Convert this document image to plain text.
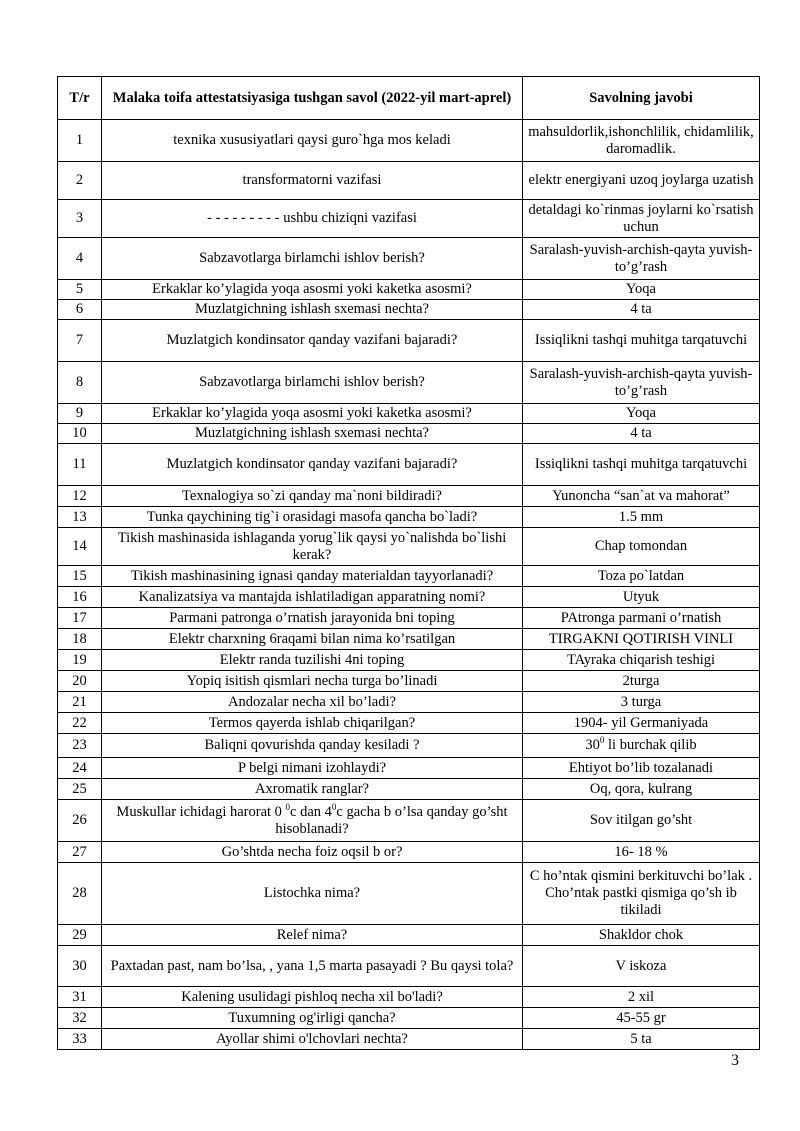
T/r	Malaka toifa attestatsiyasiga tushgan savol (2022-yil mart-aprel)	Savolning javobi
1	texnika xususiyatlari qaysi guro`hga mos keladi	mahsuldorlik,ishonchlilik, chidamlilik, daromadlik.
2	transformatorni vazifasi	elektr energiyani uzoq joylarga uzatish
3	- - - - - - - - - ushbu chiziqni vazifasi	detaldagi ko`rinmas joylarni ko`rsatish uchun
4	Sabzavotlarga birlamchi ishlov berish?	Saralash-yuvish-archish-qayta yuvish-to’g’rash
5	Erkaklar ko’ylagida yoqa asosmi yoki kaketka asosmi?	Yoqa
6	Muzlatgichning ishlash sxemasi nechta?	4 ta
7	Muzlatgich kondinsator qanday vazifani bajaradi?	Issiqlikni tashqi muhitga tarqatuvchi
8	Sabzavotlarga birlamchi ishlov berish?	Saralash-yuvish-archish-qayta yuvish-to’g’rash
9	Erkaklar ko’ylagida yoqa asosmi yoki kaketka asosmi?	Yoqa
10	Muzlatgichning ishlash sxemasi nechta?	4 ta
11	Muzlatgich kondinsator qanday vazifani bajaradi?	Issiqlikni tashqi muhitga tarqatuvchi
12	Texnalogiya so`zi qanday ma`noni bildiradi?	Yunoncha “san`at va mahorat”
13	Tunka qaychining tig`i orasidagi masofa qancha bo`ladi?	1.5 mm
14	Tikish mashinasida ishlaganda yorug`lik qaysi yo`nalishda bo`lishi kerak?	Chap tomondan
15	Tikish mashinasining ignasi qanday materialdan tayyorlanadi?	Toza po`latdan
16	Kanalizatsiya va mantajda ishlatiladigan apparatning nomi?	Utyuk
17	Parmani patronga o’rnatish jarayonida bni toping	PAtronga parmani o’rnatish
18	Elektr charxning 6raqami bilan nima ko’rsatilgan	TIRGAKNI QOTIRISH VINLI
19	Elektr randa tuzilishi 4ni toping	TAyraka chiqarish teshigi
20	Yopiq isitish qismlari necha turga bo’linadi	2turga
21	Andozalar necha xil bo’ladi?	3 turga
22	Termos qayerda ishlab chiqarilgan?	1904- yil Germaniyada
23	Baliqni qovurishda qanday kesiladi ?	$30^0$ li burchak qilib
24	P belgi nimani izohlaydi?	Ehtiyot bo’lib tozalanadi
25	Axromatik ranglar?	Oq, qora, kulrang
26	Muskullar ichidagi harorat 0 $^0$c dan $4^0c$ gacha b o’lsa qanday go’sht hisoblanadi?	Sov itilgan go’sht
27	Go’shtda necha foiz oqsil b or?	16- 18 %
28	Listochka nima?	C ho’ntak qismini berkituvchi bo’lak . Cho’ntak pastki qismiga qo’sh ib tikiladi
29	Relef nima?	Shakldor chok
30	Paxtadan past, nam bo’lsa, , yana 1,5 marta pasayadi ? Bu qaysi tola?	V iskoza
31	Kalening usulidagi pishloq necha xil bo'ladi?	2 xil
32	Tuxumning og'irligi qancha?	45-55 gr
33	Ayollar shimi o'lchovlari nechta?	5 ta
3
